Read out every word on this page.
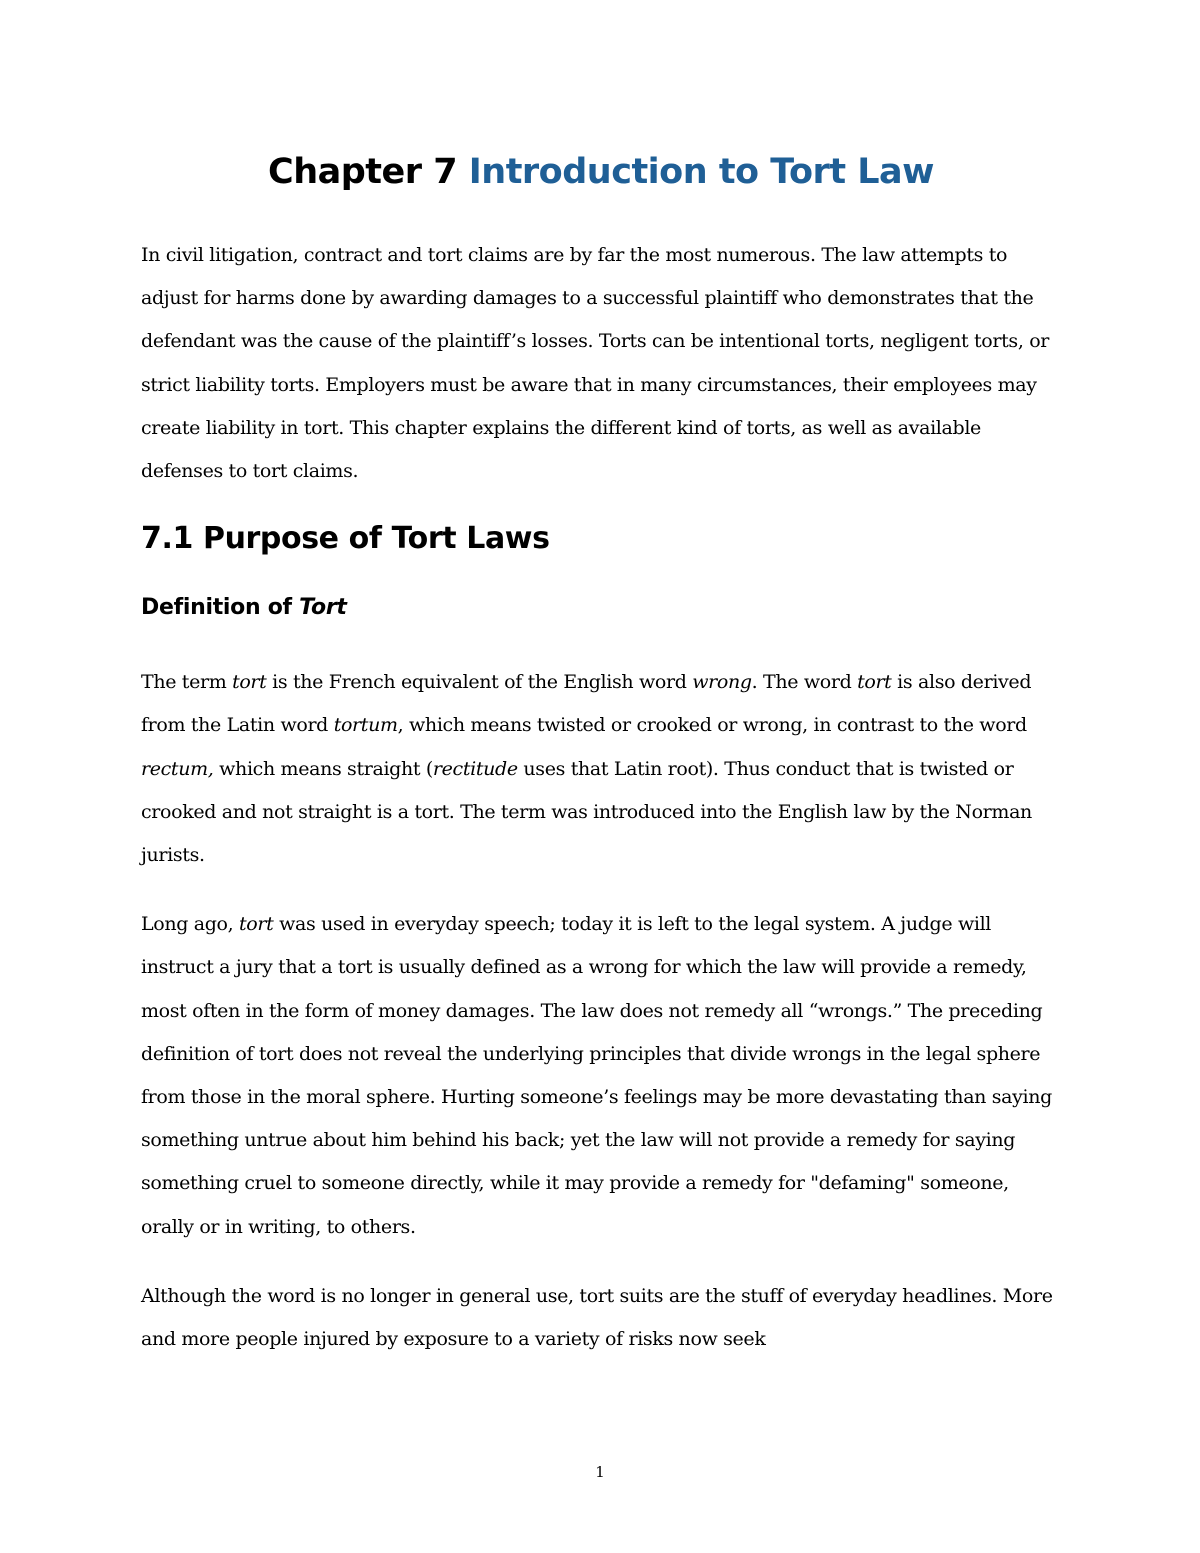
Chapter 7 Introduction to Tort Law

In civil litigation, contract and tort claims are by far the most numerous. The law attempts to adjust for harms done by awarding damages to a successful plaintiff who demonstrates that the defendant was the cause of the plaintiff’s losses. Torts can be intentional torts, negligent torts, or strict liability torts. Employers must be aware that in many circumstances, their employees may create liability in tort. This chapter explains the different kind of torts, as well as available defenses to tort claims.

7.1 Purpose of Tort Laws
Definition of Tort

The term tort is the French equivalent of the English word wrong. The word tort is also derived from the Latin word tortum, which means twisted or crooked or wrong, in contrast to the word rectum, which means straight (rectitude uses that Latin root). Thus conduct that is twisted or crooked and not straight is a tort. The term was introduced into the English law by the Norman jurists.

Long ago, tort was used in everyday speech; today it is left to the legal system. A judge will instruct a jury that a tort is usually defined as a wrong for which the law will provide a remedy, most often in the form of money damages. The law does not remedy all “wrongs.” The preceding definition of tort does not reveal the underlying principles that divide wrongs in the legal sphere from those in the moral sphere. Hurting someone’s feelings may be more devastating than saying something untrue about him behind his back; yet the law will not provide a remedy for saying something cruel to someone directly, while it may provide a remedy for "defaming" someone, orally or in writing, to others.

Although the word is no longer in general use, tort suits are the stuff of everyday headlines. More and more people injured by exposure to a variety of risks now seek

1
